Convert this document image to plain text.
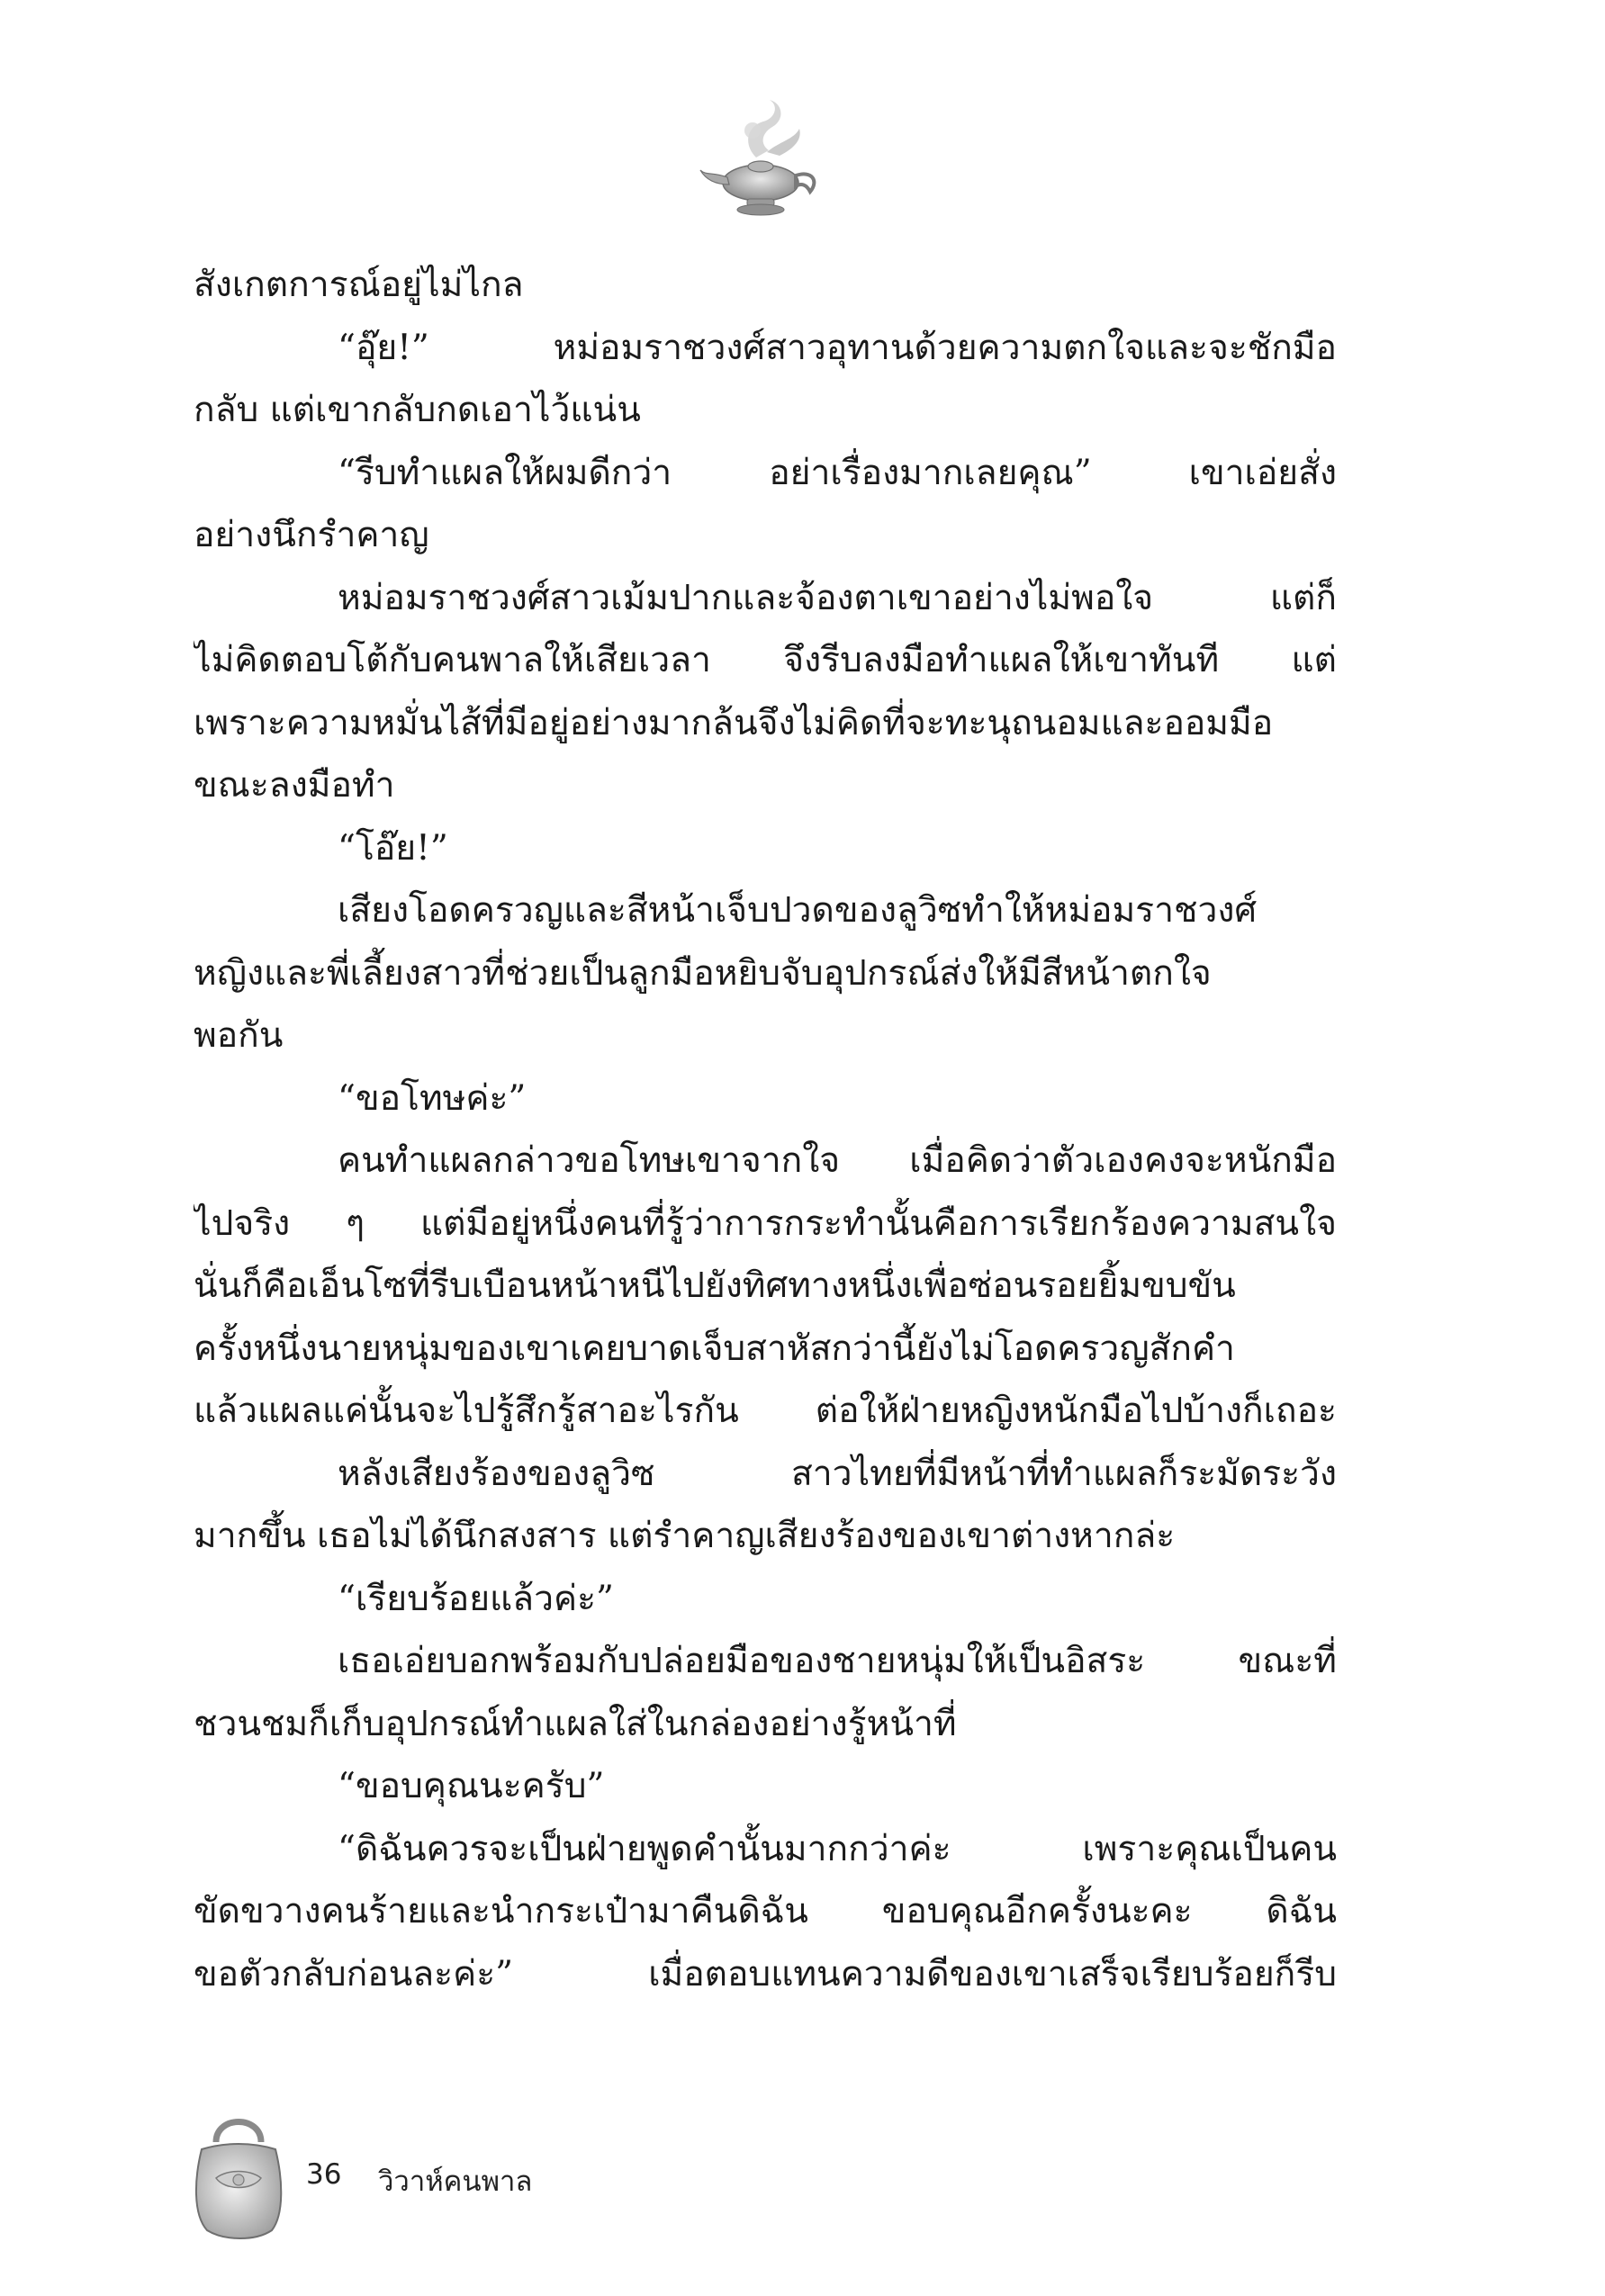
สังเกตการณ์อยู่ไม่ไกล
“อุ๊ย!” หม่อมราชวงศ์สาวอุทานด้วยความตกใจและจะชักมือ
กลับ แต่เขากลับกดเอาไว้แน่น
“รีบทำแผลให้ผมดีกว่า อย่าเรื่องมากเลยคุณ” เขาเอ่ยสั่ง
อย่างนึกรำคาญ
หม่อมราชวงศ์สาวเม้มปากและจ้องตาเขาอย่างไม่พอใจ แต่ก็
ไม่คิดตอบโต้กับคนพาลให้เสียเวลา จึงรีบลงมือทำแผลให้เขาทันที แต่
เพราะความหมั่นไส้ที่มีอยู่อย่างมากล้นจึงไม่คิดที่จะทะนุถนอมและออมมือ
ขณะลงมือทำ
“โอ๊ย!”
เสียงโอดครวญและสีหน้าเจ็บปวดของลูวิซทำให้หม่อมราชวงศ์
หญิงและพี่เลี้ยงสาวที่ช่วยเป็นลูกมือหยิบจับอุปกรณ์ส่งให้มีสีหน้าตกใจ
พอกัน
“ขอโทษค่ะ”
คนทำแผลกล่าวขอโทษเขาจากใจ เมื่อคิดว่าตัวเองคงจะหนักมือ
ไปจริง ๆ แต่มีอยู่หนึ่งคนที่รู้ว่าการกระทำนั้นคือการเรียกร้องความสนใจ
นั่นก็คือเอ็นโซที่รีบเบือนหน้าหนีไปยังทิศทางหนึ่งเพื่อซ่อนรอยยิ้มขบขัน
ครั้งหนึ่งนายหนุ่มของเขาเคยบาดเจ็บสาหัสกว่านี้ยังไม่โอดครวญสักคำ
แล้วแผลแค่นั้นจะไปรู้สึกรู้สาอะไรกัน ต่อให้ฝ่ายหญิงหนักมือไปบ้างก็เถอะ
หลังเสียงร้องของลูวิซ สาวไทยที่มีหน้าที่ทำแผลก็ระมัดระวัง
มากขึ้น เธอไม่ได้นึกสงสาร แต่รำคาญเสียงร้องของเขาต่างหากล่ะ
“เรียบร้อยแล้วค่ะ”
เธอเอ่ยบอกพร้อมกับปล่อยมือของชายหนุ่มให้เป็นอิสระ ขณะที่
ชวนชมก็เก็บอุปกรณ์ทำแผลใส่ในกล่องอย่างรู้หน้าที่
“ขอบคุณนะครับ”
“ดิฉันควรจะเป็นฝ่ายพูดคำนั้นมากกว่าค่ะ เพราะคุณเป็นคน
ขัดขวางคนร้ายและนำกระเป๋ามาคืนดิฉัน ขอบคุณอีกครั้งนะคะ ดิฉัน
ขอตัวกลับก่อนละค่ะ” เมื่อตอบแทนความดีของเขาเสร็จเรียบร้อยก็รีบ
36 วิวาห์คนพาล
